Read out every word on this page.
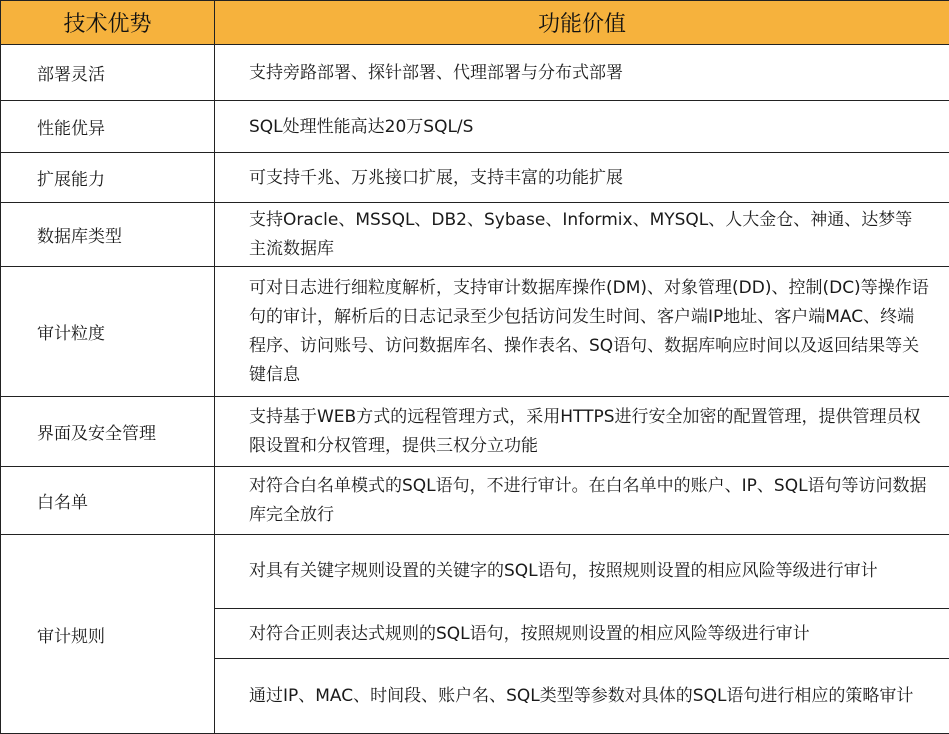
技术优势	功能价值
部署灵活	支持旁路部署、探针部署、代理部署与分布式部署
性能优异	SQL处理性能高达20万SQL/S
扩展能力	可支持千兆、万兆接口扩展，支持丰富的功能扩展
数据库类型	支持Oracle、MSSQL、DB2、Sybase、Informix、MYSQL、人大金仓、神通、达梦等主流数据库
审计粒度	可对日志进行细粒度解析，支持审计数据库操作(DM)、对象管理(DD)、控制(DC)等操作语句的审计，解析后的日志记录至少包括访问发生时间、客户端IP地址、客户端MAC、终端程序、访问账号、访问数据库名、操作表名、SQ语句、数据库响应时间以及返回结果等关键信息
界面及安全管理	支持基于WEB方式的远程管理方式，采用HTTPS进行安全加密的配置管理，提供管理员权限设置和分权管理，提供三权分立功能
白名单	对符合白名单模式的SQL语句，不进行审计。在白名单中的账户、IP、SQL语句等访问数据库完全放行
审计规则	对具有关键字规则设置的关键字的SQL语句，按照规则设置的相应风险等级进行审计
	对符合正则表达式规则的SQL语句，按照规则设置的相应风险等级进行审计
	通过IP、MAC、时间段、账户名、SQL类型等参数对具体的SQL语句进行相应的策略审计
